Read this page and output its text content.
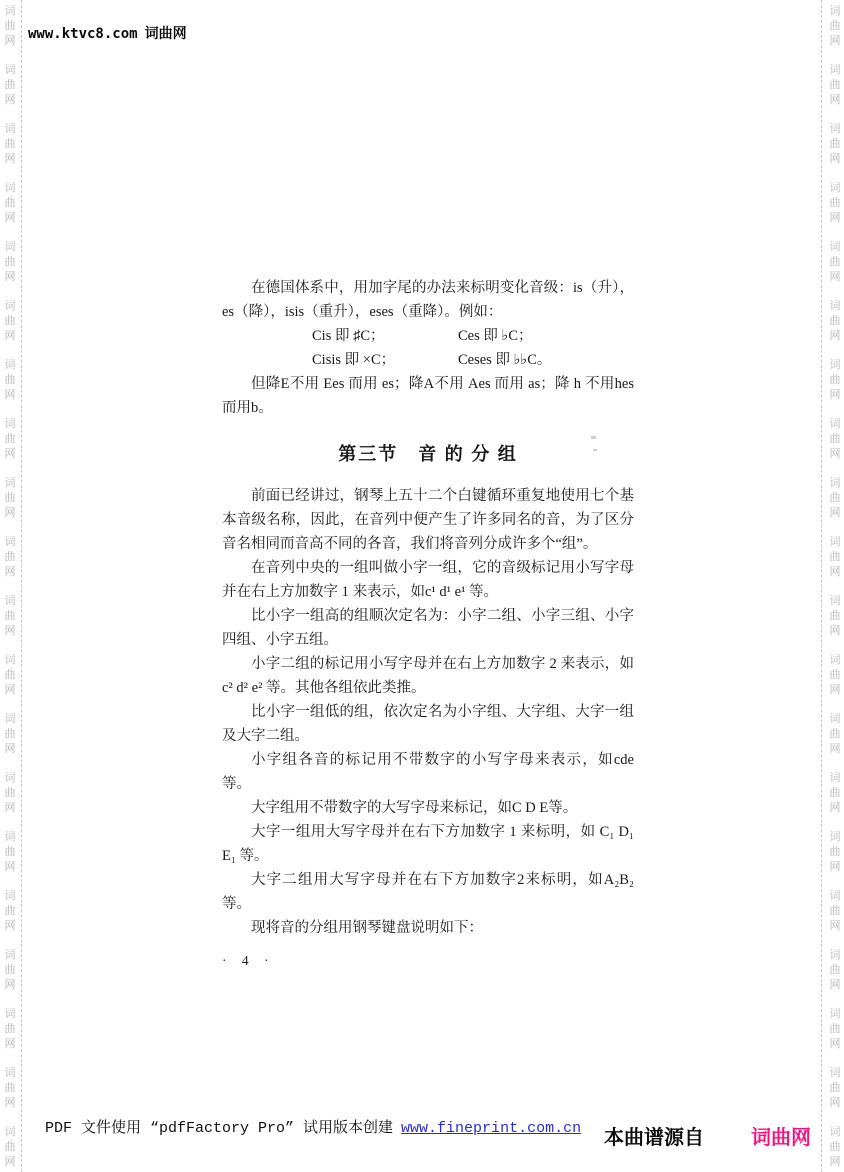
词
曲
网
词
曲
网
词
曲
网
词
曲
网
词
曲
网
词
曲
网
词
曲
网
词
曲
网
词
曲
网
词
曲
网
词
曲
网
词
曲
网
词
曲
网
词
曲
网
词
曲
网
词
曲
网
词
曲
网
词
曲
网
词
曲
网
词
曲
网
词
曲
网
词
曲
网
词
曲
网
词
曲
网
词
曲
网
词
曲
网
词
曲
网
词
曲
网
词
曲
网
词
曲
网
词
曲
网
词
曲
网
词
曲
网
词
曲
网
词
曲
网
词
曲
网
词
曲
网
词
曲
网
词
曲
网
词
曲
网
www.ktvc8.com 词曲网

在德国体系中，用加字尾的办法来标明变化音级：is（升），es（降），isis（重升），eses（重降）。例如：

Cis 即 ♯C；	Ces 即 ♭C；
Cisis 即 ×C；	Ceses 即 ♭♭C。

但降E不用 Ees 而用 es；降A不用 Aes 而用 as；降 h 不用hes而用b。

第三节　音 的 分 组

前面已经讲过，钢琴上五十二个白键循环重复地使用七个基本音级名称，因此，在音列中便产生了许多同名的音，为了区分音名相同而音高不同的各音，我们将音列分成许多个“组”。

在音列中央的一组叫做小字一组，它的音级标记用小写字母并在右上方加数字 1 来表示，如c¹ d¹ e¹ 等。

比小字一组高的组顺次定名为：小字二组、小字三组、小字四组、小字五组。

小字二组的标记用小写字母并在右上方加数字 2 来表示，如c² d² e² 等。其他各组依此类推。

比小字一组低的组，依次定名为小字组、大字组、大字一组及大字二组。

小字组各音的标记用不带数字的小写字母来表示，如cde 等。

大字组用不带数字的大写字母来标记，如C D E等。

大字一组用大写字母并在右下方加数字 1 来标明，如 C₁ D₁ E₁ 等。

大字二组用大写字母并在右下方加数字2来标明，如A₂B₂等。

现将音的分组用钢琴键盘说明如下：

· 4 ·
PDF 文件使用 “pdfFactory Pro” 试用版本创建 www.fineprint.com.cn 本曲谱源自 词曲网
